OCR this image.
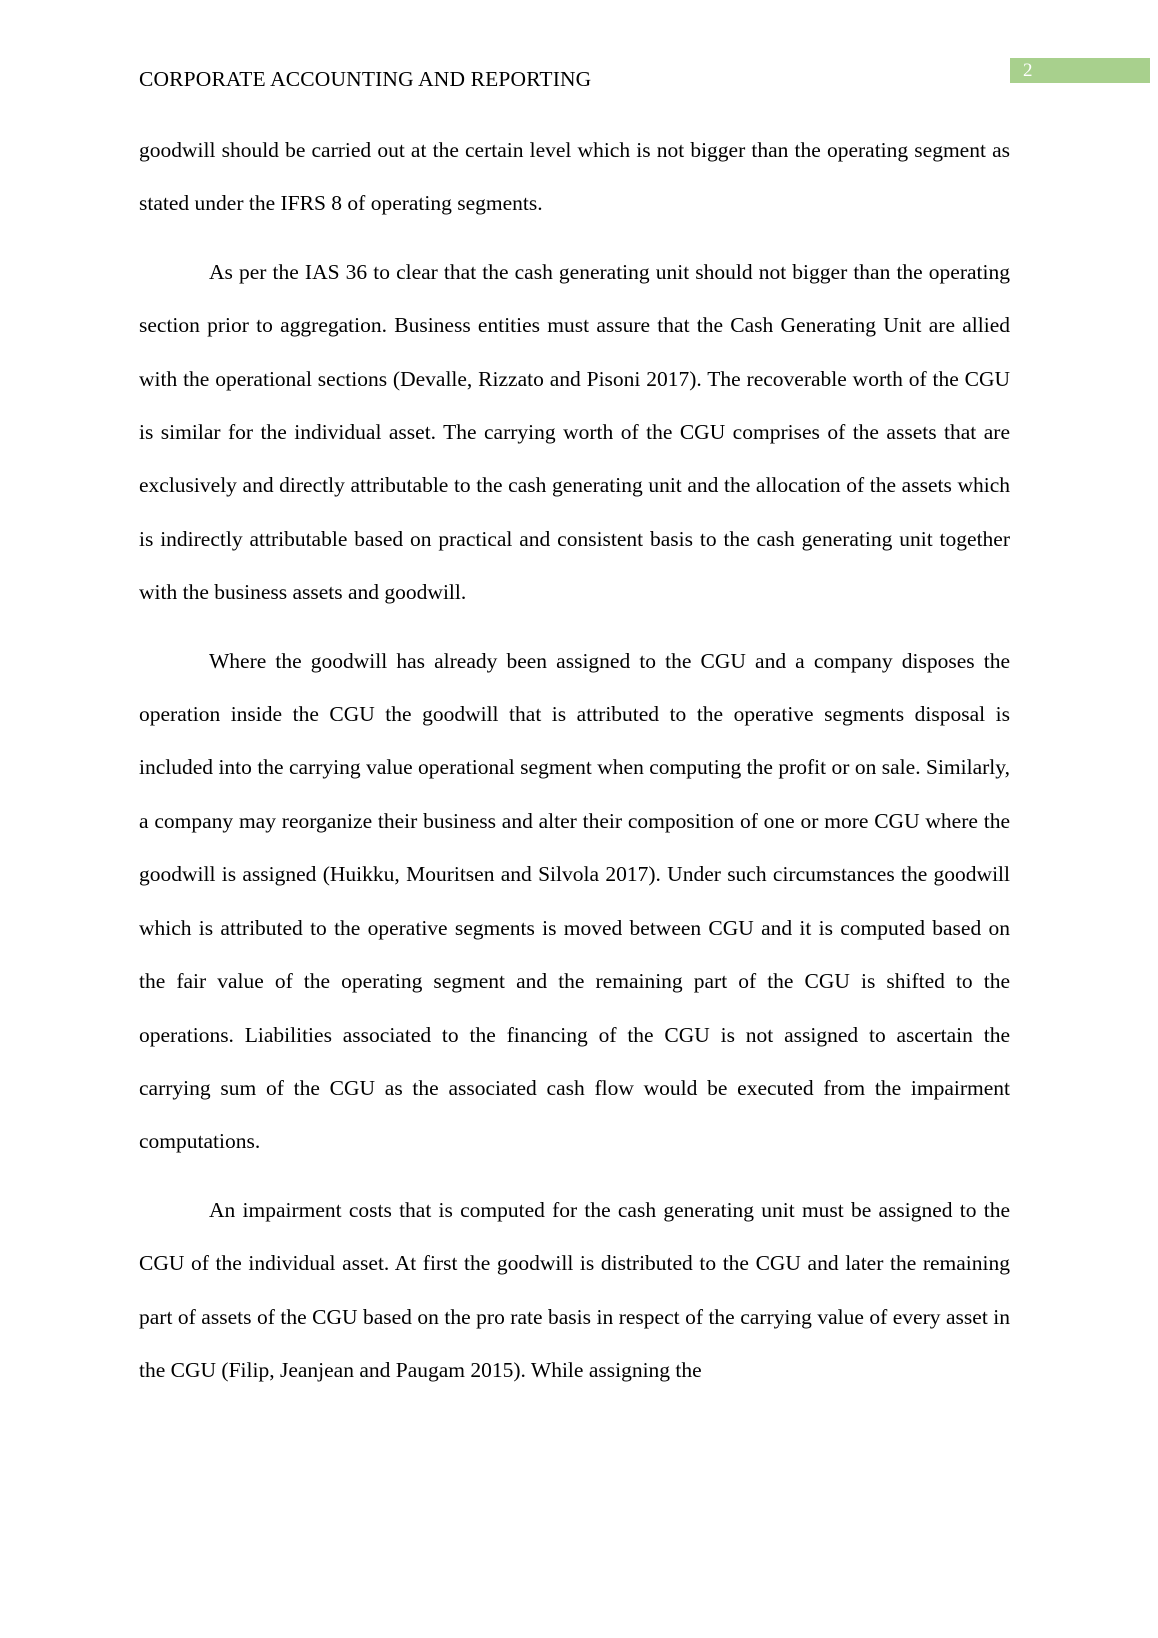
2
CORPORATE ACCOUNTING AND REPORTING

goodwill should be carried out at the certain level which is not bigger than the operating segment as stated under the IFRS 8 of operating segments.

As per the IAS 36 to clear that the cash generating unit should not bigger than the operating section prior to aggregation. Business entities must assure that the Cash Generating Unit are allied with the operational sections (Devalle, Rizzato and Pisoni 2017). The recoverable worth of the CGU is similar for the individual asset. The carrying worth of the CGU comprises of the assets that are exclusively and directly attributable to the cash generating unit and the allocation of the assets which is indirectly attributable based on practical and consistent basis to the cash generating unit together with the business assets and goodwill.

Where the goodwill has already been assigned to the CGU and a company disposes the operation inside the CGU the goodwill that is attributed to the operative segments disposal is included into the carrying value operational segment when computing the profit or on sale. Similarly, a company may reorganize their business and alter their composition of one or more CGU where the goodwill is assigned (Huikku, Mouritsen and Silvola 2017). Under such circumstances the goodwill which is attributed to the operative segments is moved between CGU and it is computed based on the fair value of the operating segment and the remaining part of the CGU is shifted to the operations. Liabilities associated to the financing of the CGU is not assigned to ascertain the carrying sum of the CGU as the associated cash flow would be executed from the impairment computations.

An impairment costs that is computed for the cash generating unit must be assigned to the CGU of the individual asset. At first the goodwill is distributed to the CGU and later the remaining part of assets of the CGU based on the pro rate basis in respect of the carrying value of every asset in the CGU (Filip, Jeanjean and Paugam 2015). While assigning the
